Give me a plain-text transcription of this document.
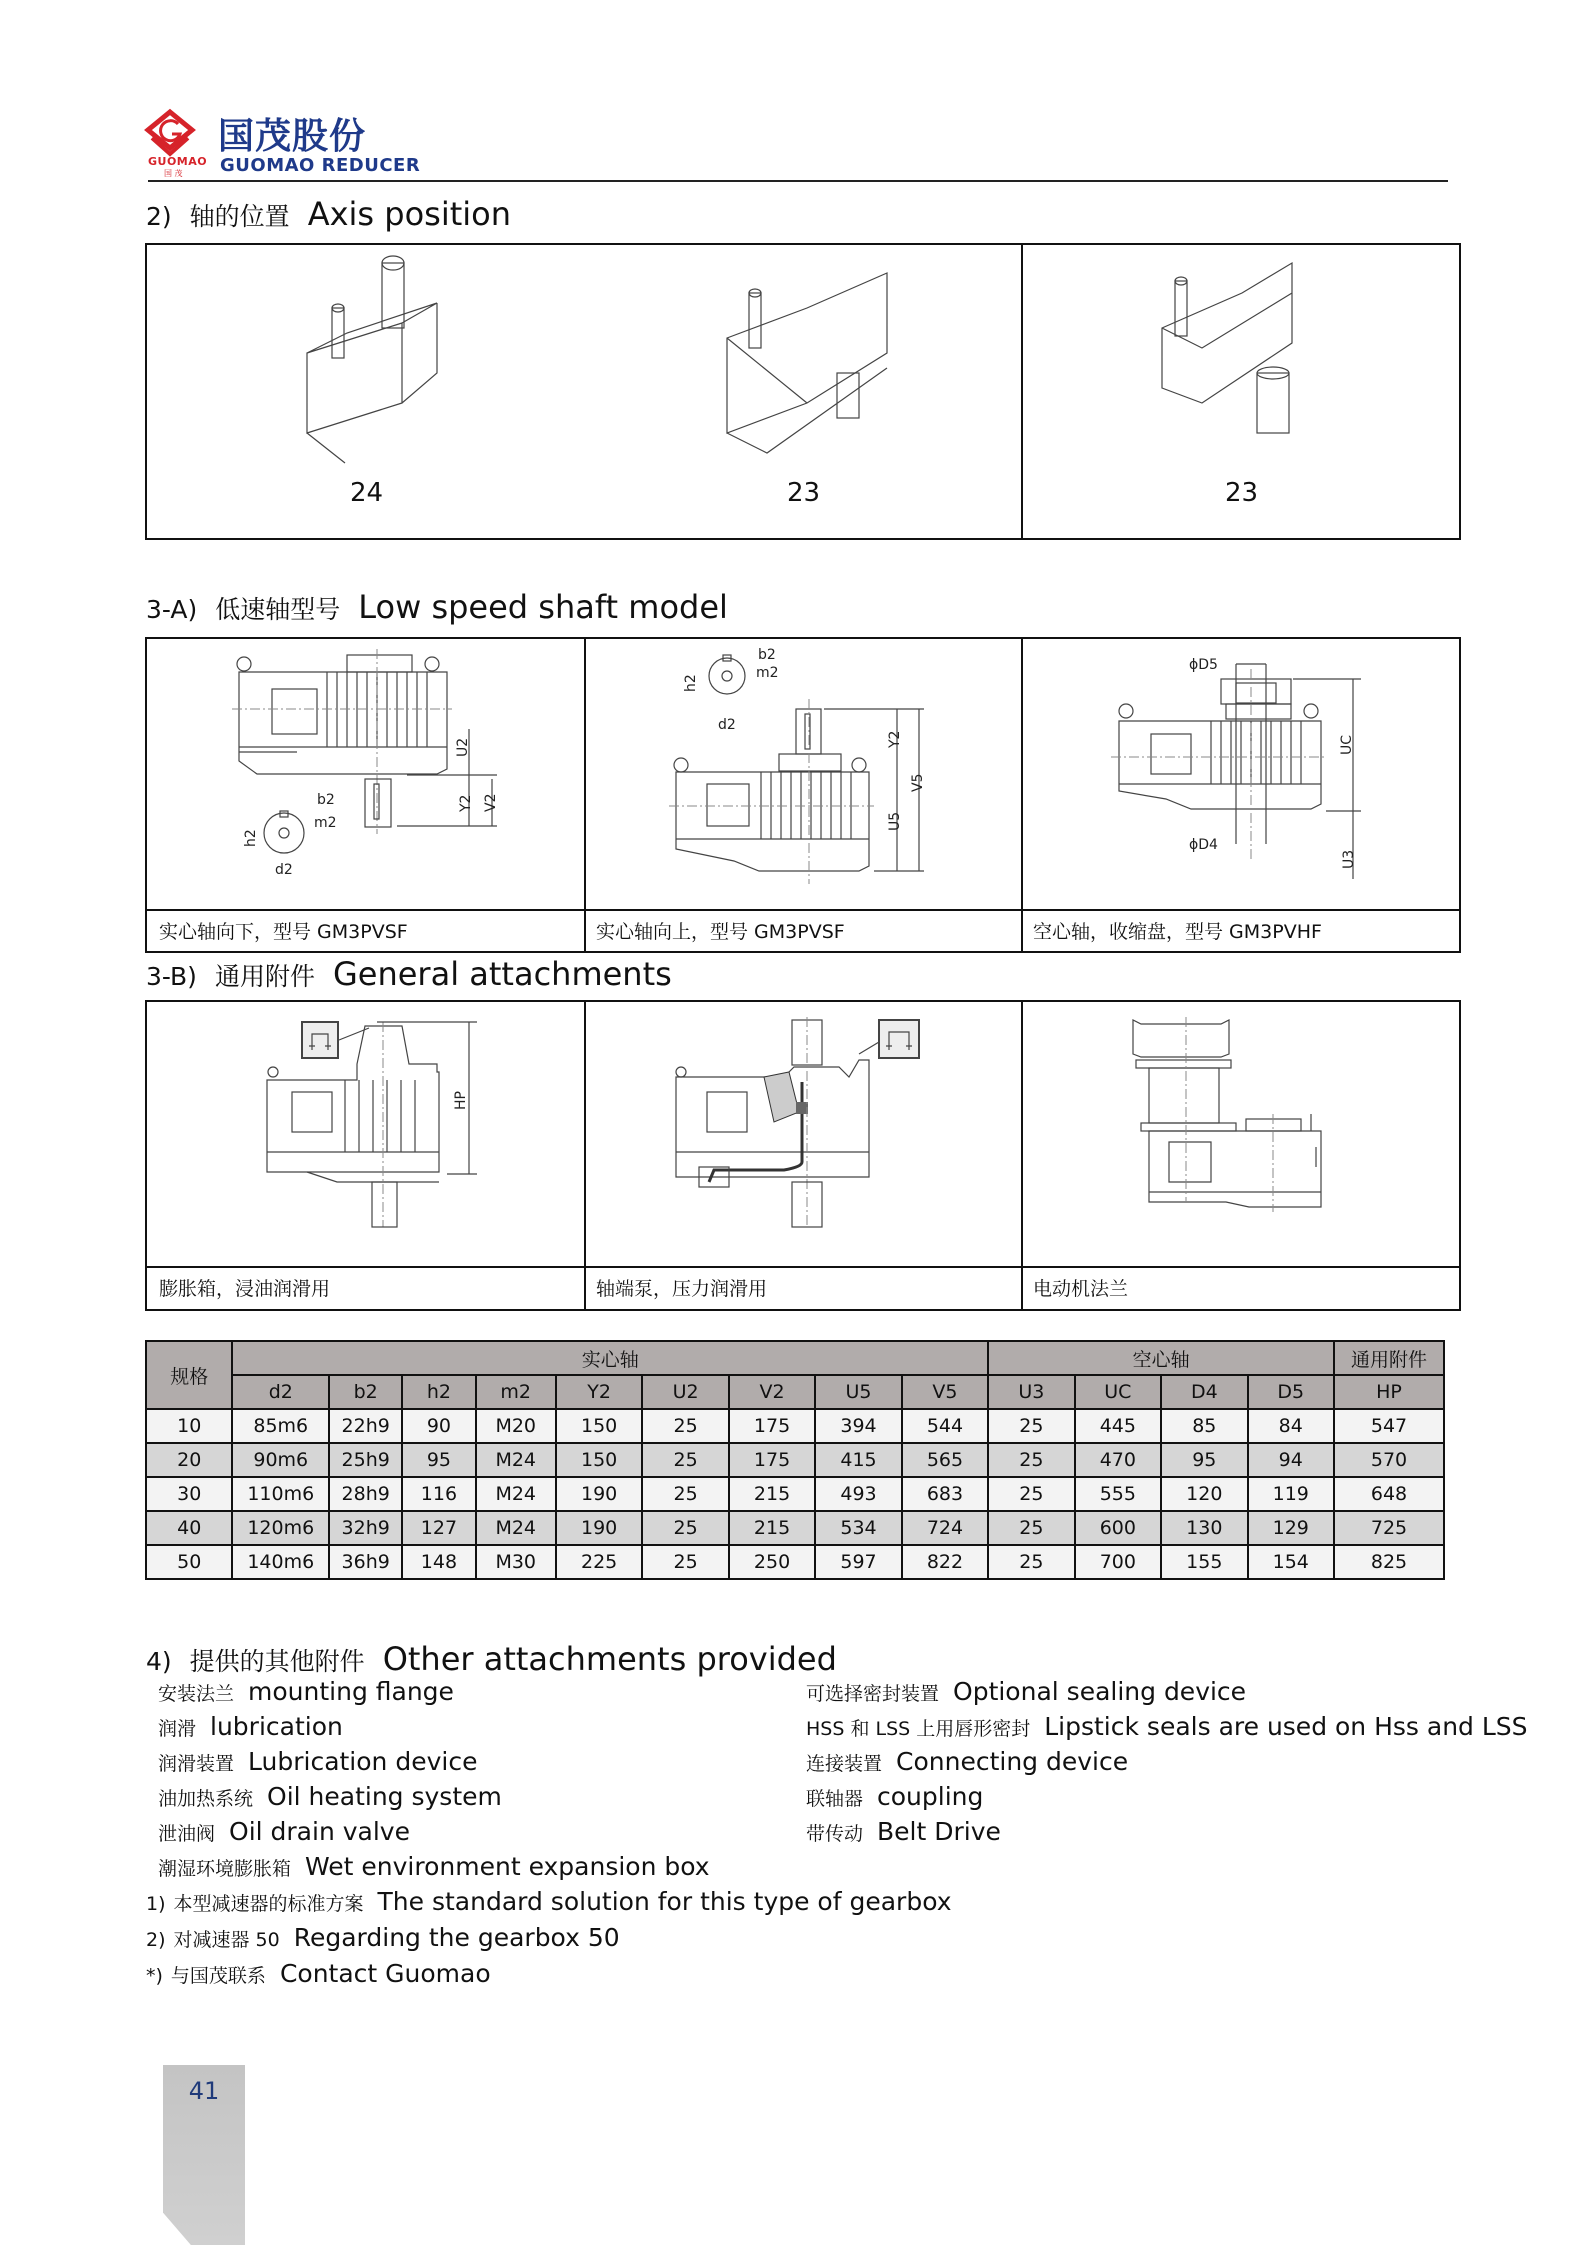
GUOMAO
国 茂
国茂股份
GUOMAO REDUCER
2) 轴的位置 Axis position
24	23	23
3-A) 低速轴型号 Low speed shaft model
U2
Y2 V2
b2
m2
h2
d2
b2
m2
h2
d2
Y2
U5
V5
ϕD5
ϕD4
UC
U3
实心轴向下，型号 GM3PVSF	实心轴向上，型号 GM3PVSF	空心轴，收缩盘，型号 GM3PVHF
3-B) 通用附件 General attachments
HP
膨胀箱，浸油润滑用	轴端泵，压力润滑用	电动机法兰
规格	实心轴									空心轴				通用附件
	d2	b2	h2	m2	Y2	U2	V2	U5	V5	U3	UC	D4	D5	HP
10	85m6	22h9	90	M20	150	25	175	394	544	25	445	85	84	547
20	90m6	25h9	95	M24	150	25	175	415	565	25	470	95	94	570
30	110m6	28h9	116	M24	190	25	215	493	683	25	555	120	119	648
40	120m6	32h9	127	M24	190	25	215	534	724	25	600	130	129	725
50	140m6	36h9	148	M30	225	25	250	597	822	25	700	155	154	825
4) 提供的其他附件 Other attachments provided
安装法兰 mounting flange
润滑 lubrication
润滑装置 Lubrication device
油加热系统 Oil heating system
泄油阀 Oil drain valve
潮湿环境膨胀箱 Wet environment expansion box
可选择密封装置 Optional sealing device
HSS 和 LSS 上用唇形密封 Lipstick seals are used on Hss and LSS
连接装置 Connecting device
联轴器 coupling
带传动 Belt Drive
1) 本型减速器的标准方案 The standard solution for this type of gearbox
2) 对减速器 50 Regarding the gearbox 50
*) 与国茂联系 Contact Guomao
41
